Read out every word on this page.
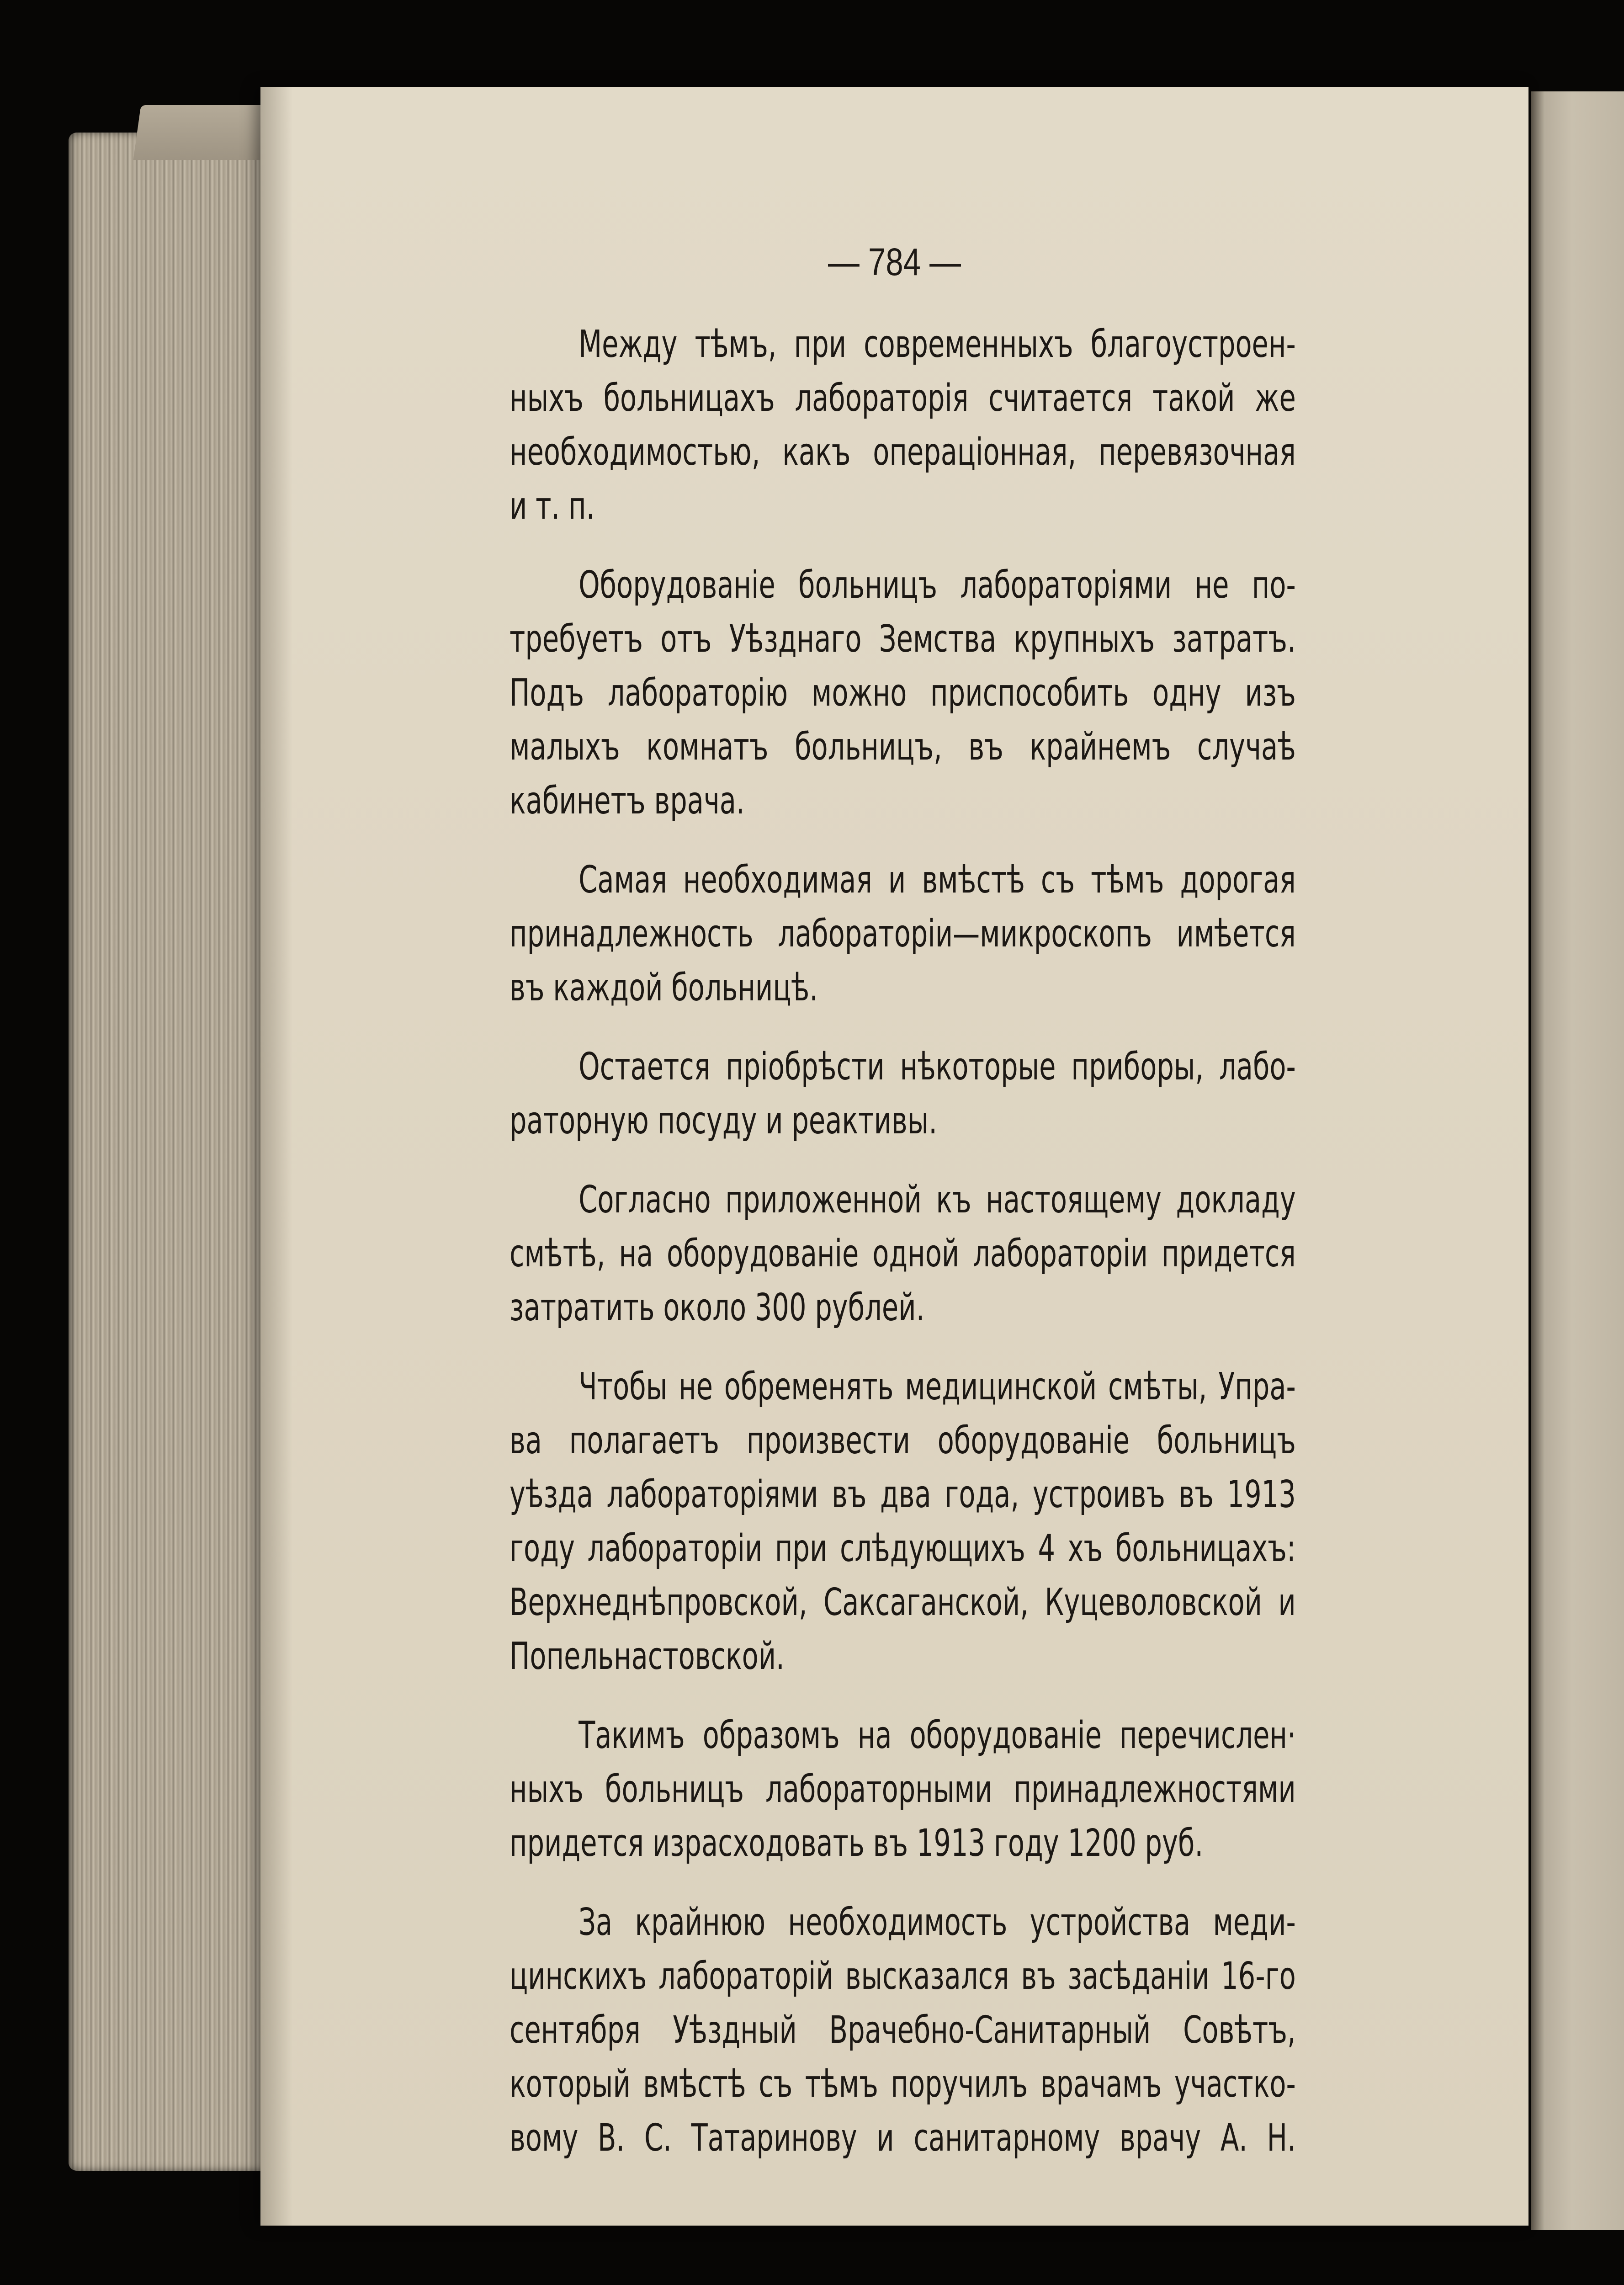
— 784 —
Между тѣмъ, при современныхъ благоустроен-
ныхъ больницахъ лабораторія считается такой же
необходимостью, какъ операціонная, перевязочная
и т. п.
Оборудованіе больницъ лабораторіями не по-
требуетъ отъ Уѣзднаго Земства крупныхъ затратъ.
Подъ лабораторію можно приспособить одну изъ
малыхъ комнатъ больницъ, въ крайнемъ случаѣ
кабинетъ врача.
Самая необходимая и вмѣстѣ съ тѣмъ дорогая
принадлежность лабораторіи—микроскопъ имѣется
въ каждой больницѣ.
Остается пріобрѣсти нѣкоторые приборы, лабо-
раторную посуду и реактивы.
Согласно приложенной къ настоящему докладу
смѣтѣ, на оборудованіе одной лабораторіи придется
затратить около 300 рублей.
Чтобы не обременять медицинской смѣты, Упра-
ва полагаетъ произвести оборудованіе больницъ
уѣзда лабораторіями въ два года, устроивъ въ 1913
году лабораторіи при слѣдующихъ 4 хъ больницахъ:
Верхнеднѣпровской, Саксаганской, Куцеволовской и
Попельнастовской.
Такимъ образомъ на оборудованіе перечислен·
ныхъ больницъ лабораторными принадлежностями
придется израсходовать въ 1913 году 1200 руб.
За крайнюю необходимость устройства меди-
цинскихъ лабораторій высказался въ засѣданіи 16-го
сентября Уѣздный Врачебно-Санитарный Совѣтъ,
который вмѣстѣ съ тѣмъ поручилъ врачамъ участко-
вому В. С. Татаринову и санитарному врачу А. Н.
